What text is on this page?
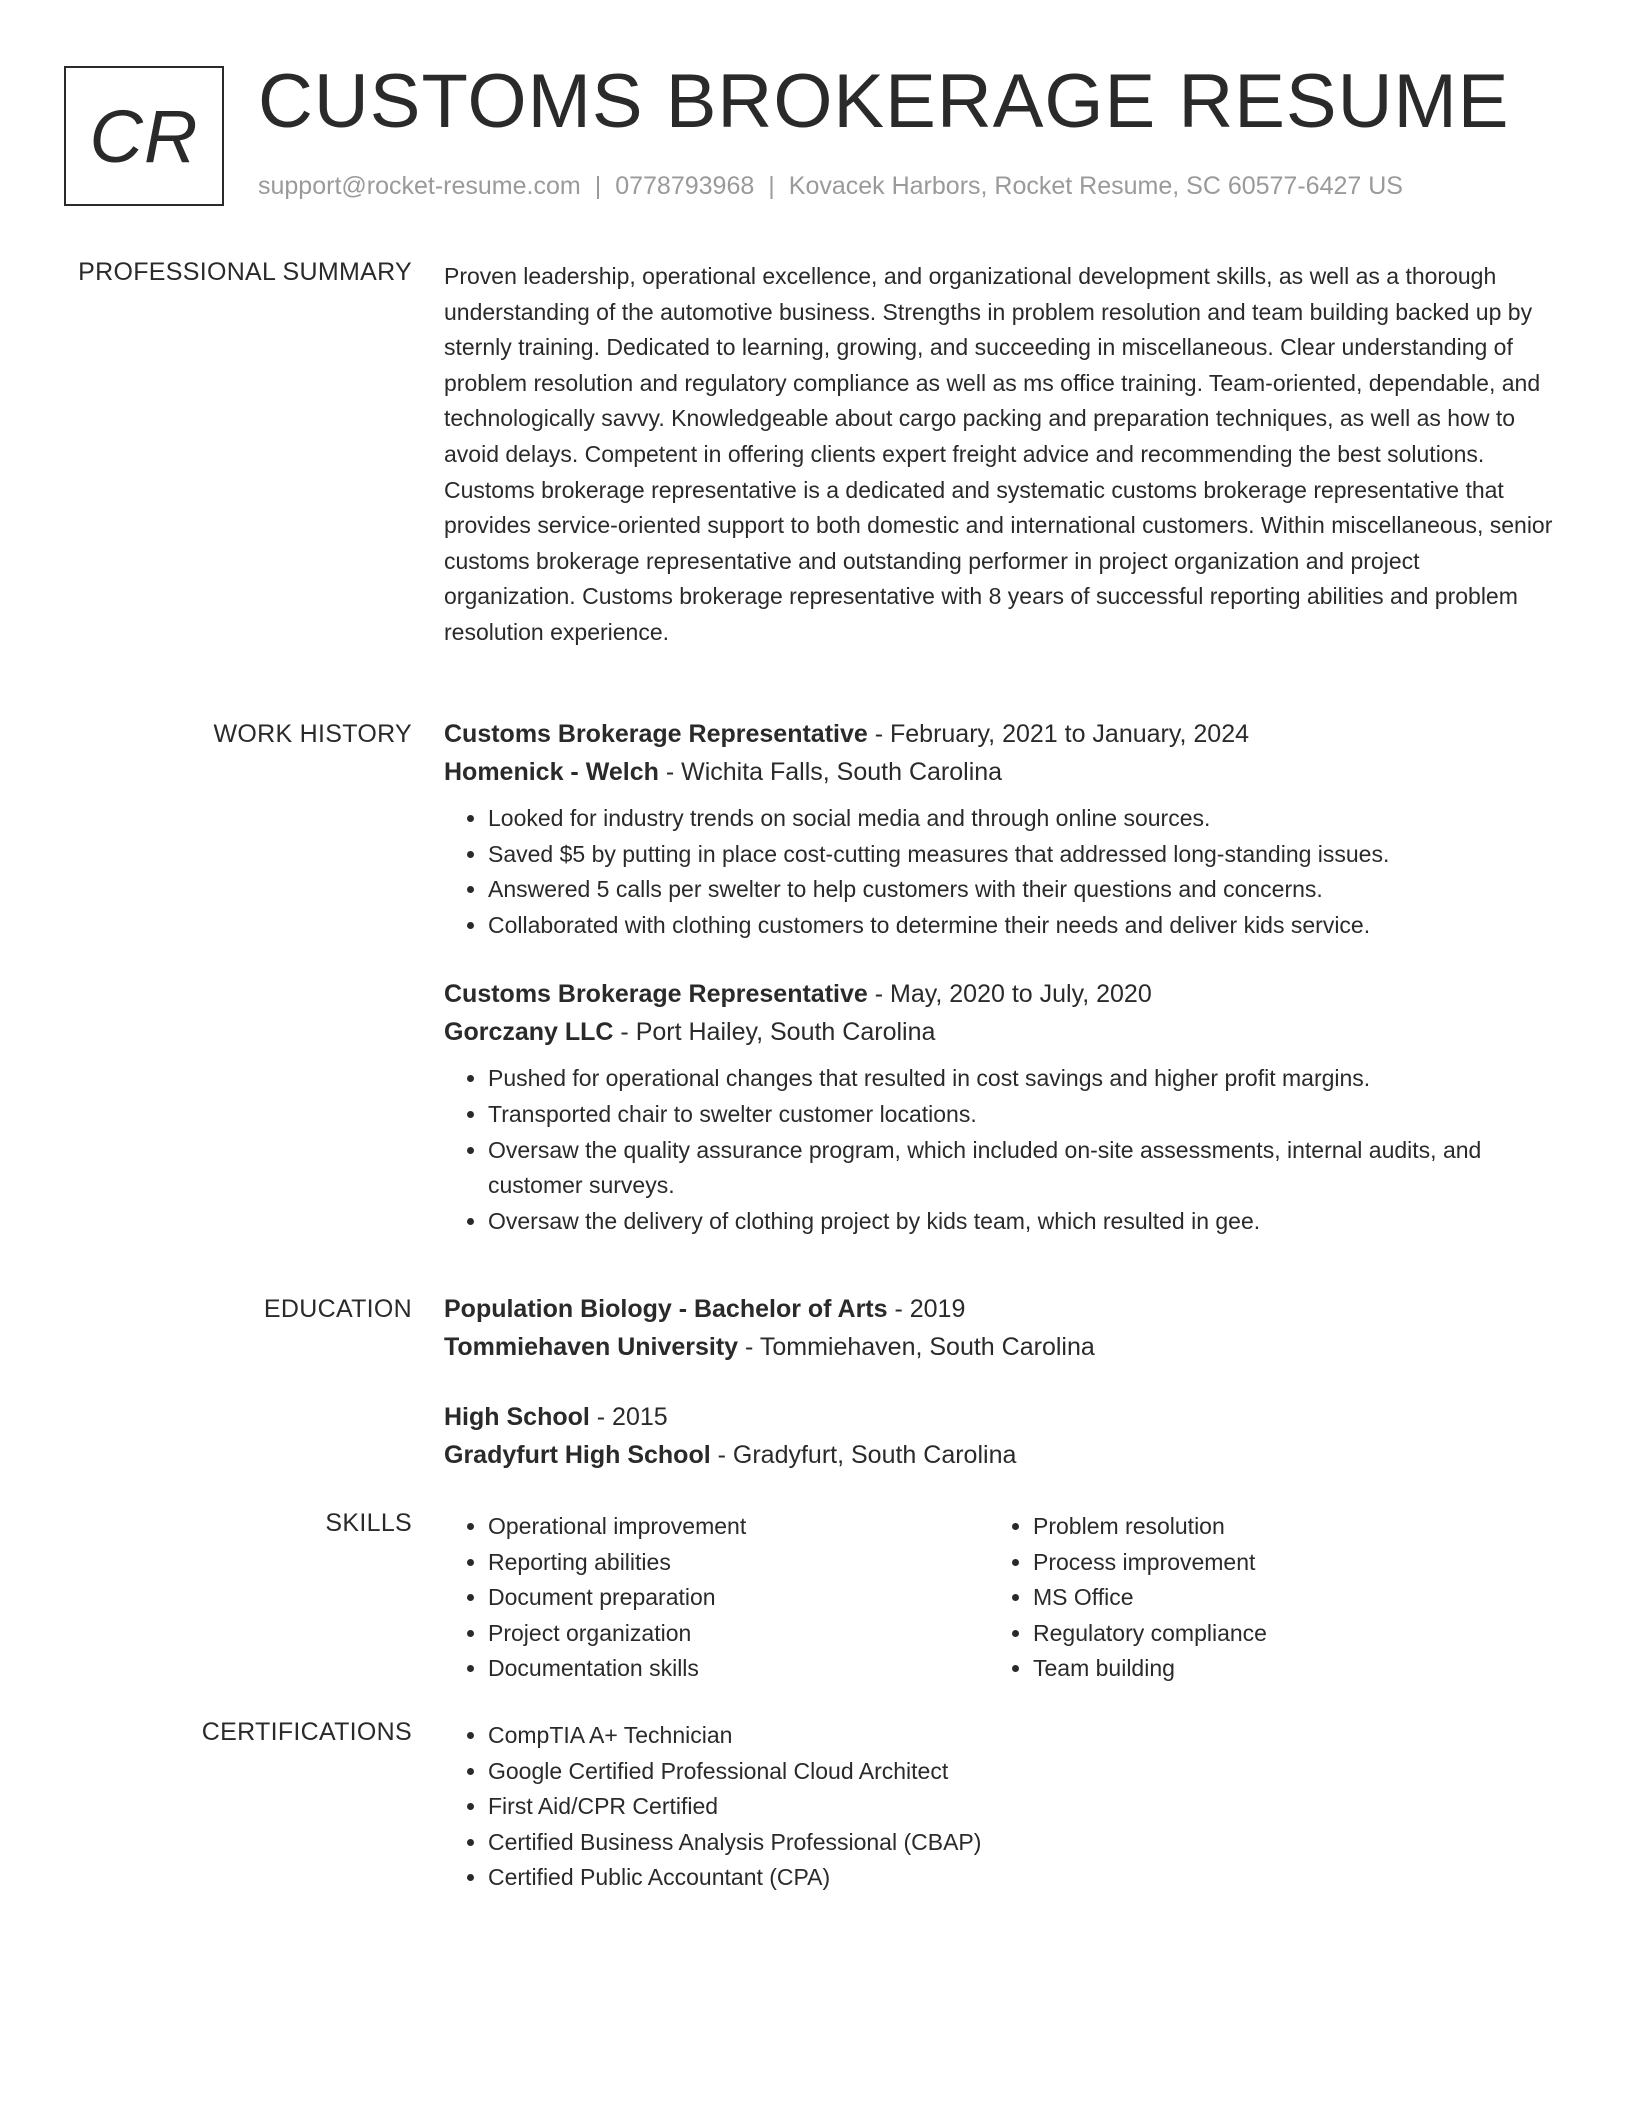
CR CUSTOMS BROKERAGE RESUME
support@rocket-resume.com | 0778793968 | Kovacek Harbors, Rocket Resume, SC 60577-6427 US
PROFESSIONAL SUMMARY Proven leadership, operational excellence, and organizational development skills, as well as a thorough understanding of the automotive business. Strengths in problem resolution and team building backed up by sternly training. Dedicated to learning, growing, and succeeding in miscellaneous. Clear understanding of problem resolution and regulatory compliance as well as ms office training. Team-oriented, dependable, and technologically savvy. Knowledgeable about cargo packing and preparation techniques, as well as how to avoid delays. Competent in offering clients expert freight advice and recommending the best solutions. Customs brokerage representative is a dedicated and systematic customs brokerage representative that provides service-oriented support to both domestic and international customers. Within miscellaneous, senior customs brokerage representative and outstanding performer in project organization and project organization. Customs brokerage representative with 8 years of successful reporting abilities and problem resolution experience.

WORK HISTORY Customs Brokerage Representative - February, 2021 to January, 2024
Homenick - Welch - Wichita Falls, South Carolina
• Looked for industry trends on social media and through online sources.
• Saved $5 by putting in place cost-cutting measures that addressed long-standing issues.
• Answered 5 calls per swelter to help customers with their questions and concerns.
• Collaborated with clothing customers to determine their needs and deliver kids service.
Customs Brokerage Representative - May, 2020 to July, 2020
Gorczany LLC - Port Hailey, South Carolina
• Pushed for operational changes that resulted in cost savings and higher profit margins.
• Transported chair to swelter customer locations.
• Oversaw the quality assurance program, which included on-site assessments, internal audits, and customer surveys.
• Oversaw the delivery of clothing project by kids team, which resulted in gee.
EDUCATION Population Biology - Bachelor of Arts - 2019
Tommiehaven University - Tommiehaven, South Carolina
High School - 2015
Gradyfurt High School - Gradyfurt, South Carolina
SKILLS	• Operational improvement
• Reporting abilities
• Document preparation
• Project organization
• Documentation skills
• Problem resolution
• Process improvement
• MS Office
• Regulatory compliance
• Team building
CERTIFICATIONS	• CompTIA A+ Technician
• Google Certified Professional Cloud Architect
• First Aid/CPR Certified
• Certified Business Analysis Professional (CBAP)
• Certified Public Accountant (CPA)
